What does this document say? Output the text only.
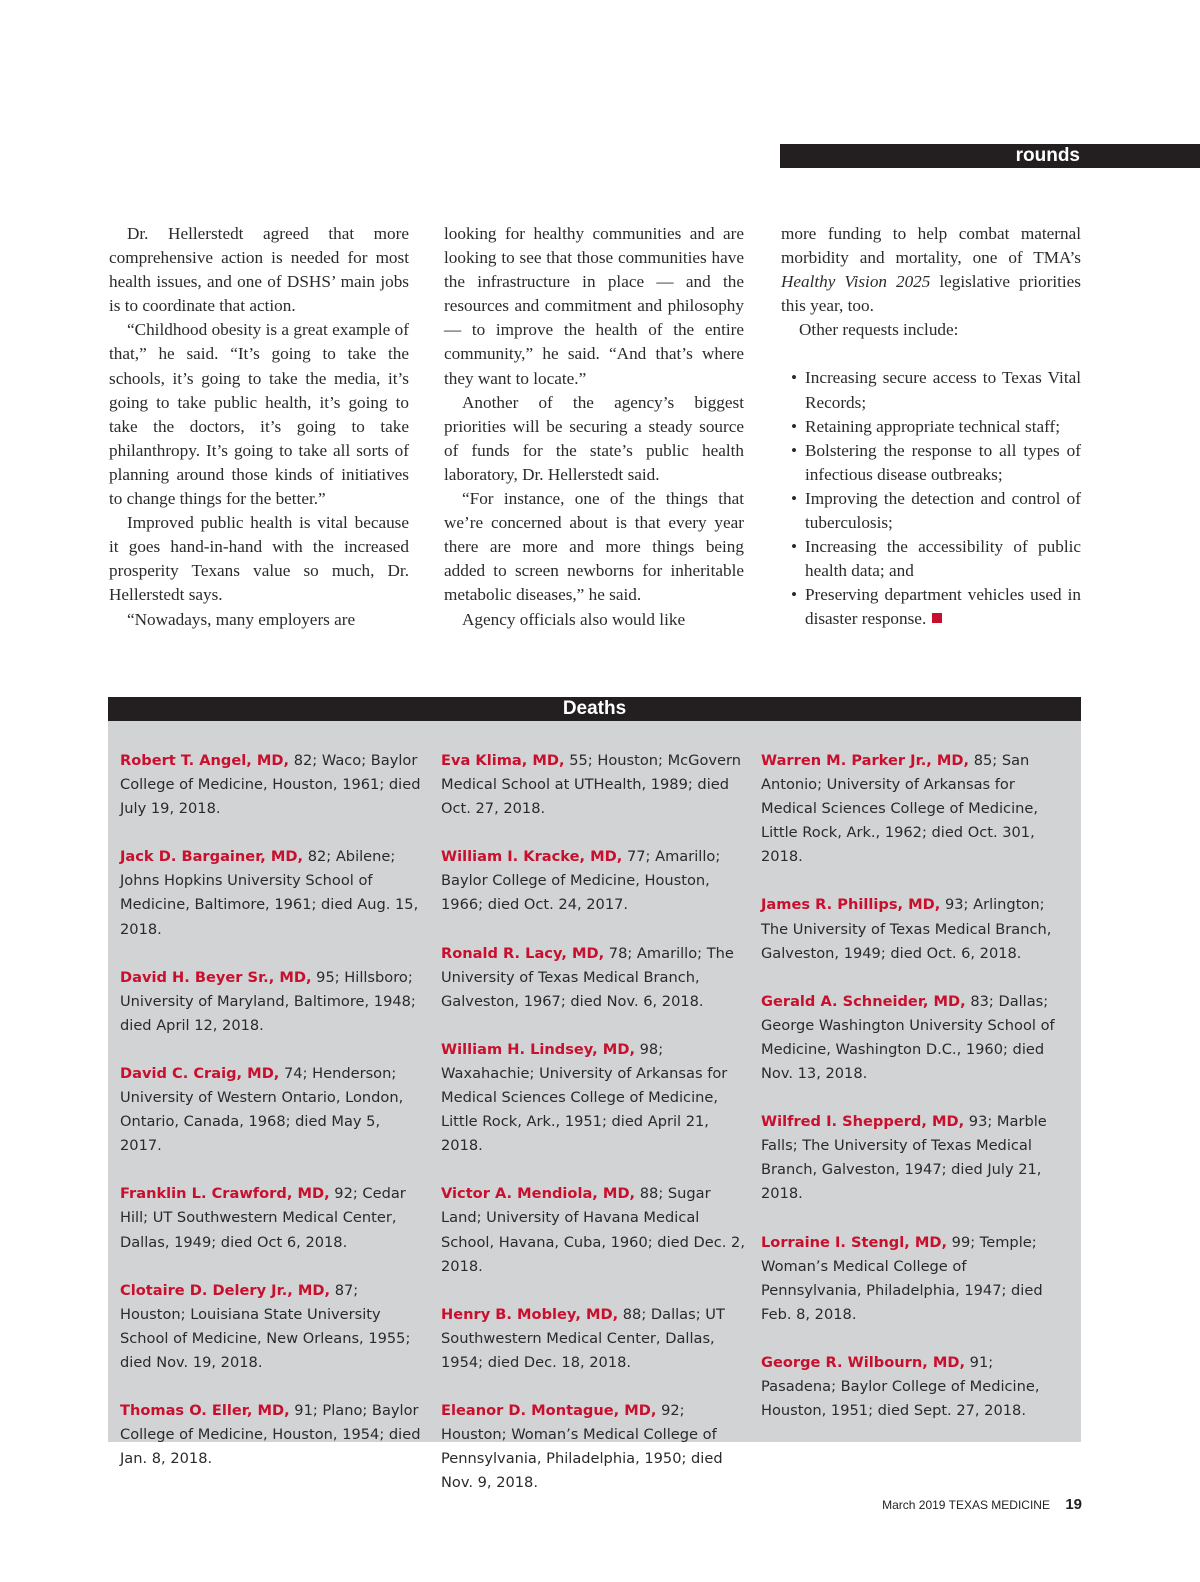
rounds

Dr. Hellerstedt agreed that more comprehensive action is needed for most health issues, and one of DSHS’ main jobs is to coordinate that action.

“Childhood obesity is a great example of that,” he said. “It’s going to take the schools, it’s going to take the media, it’s going to take public health, it’s going to take the doctors, it’s going to take philanthropy. It’s going to take all sorts of planning around those kinds of initiatives to change things for the better.”

Improved public health is vital because it goes hand-in-hand with the increased prosperity Texans value so much, Dr. Hellerstedt says.

“Nowadays, many employers are

looking for healthy communities and are looking to see that those communities have the infrastructure in place — and the resources and commitment and philosophy — to improve the health of the entire community,” he said. “And that’s where they want to locate.”

Another of the agency’s biggest priorities will be securing a steady source of funds for the state’s public health laboratory, Dr. Hellerstedt said.

“For instance, one of the things that we’re concerned about is that every year there are more and more things being added to screen newborns for inheritable metabolic diseases,” he said.

Agency officials also would like

more funding to help combat maternal morbidity and mortality, one of TMA’s Healthy Vision 2025 legislative priorities this year, too.

Other requests include:

• Increasing secure access to Texas Vital Records;
• Retaining appropriate technical staff;
• Bolstering the response to all types of infectious disease outbreaks;
• Improving the detection and control of tuberculosis;
• Increasing the accessibility of public health data; and
• Preserving department vehicles used in disaster response.
Deaths

Robert T. Angel, MD, 82; Waco; Baylor College of Medicine, Houston, 1961; died July 19, 2018.

Jack D. Bargainer, MD, 82; Abilene; Johns Hopkins University School of Medicine, Baltimore, 1961; died Aug. 15, 2018.

David H. Beyer Sr., MD, 95; Hillsboro; University of Maryland, Baltimore, 1948; died April 12, 2018.

David C. Craig, MD, 74; Henderson; University of Western Ontario, London, Ontario, Canada, 1968; died May 5, 2017.

Franklin L. Crawford, MD, 92; Cedar Hill; UT Southwestern Medical Center, Dallas, 1949; died Oct 6, 2018.

Clotaire D. Delery Jr., MD, 87; Houston; Louisiana State University School of Medicine, New Orleans, 1955; died Nov. 19, 2018.

Thomas O. Eller, MD, 91; Plano; Baylor College of Medicine, Houston, 1954; died Jan. 8, 2018.

Eva Klima, MD, 55; Houston; McGovern Medical School at UTHealth, 1989; died Oct. 27, 2018.

William I. Kracke, MD, 77; Amarillo; Baylor College of Medicine, Houston, 1966; died Oct. 24, 2017.

Ronald R. Lacy, MD, 78; Amarillo; The University of Texas Medical Branch, Galveston, 1967; died Nov. 6, 2018.

William H. Lindsey, MD, 98; Waxahachie; University of Arkansas for Medical Sciences College of Medicine, Little Rock, Ark., 1951; died April 21, 2018.

Victor A. Mendiola, MD, 88; Sugar Land; University of Havana Medical School, Havana, Cuba, 1960; died Dec. 2, 2018.

Henry B. Mobley, MD, 88; Dallas; UT Southwestern Medical Center, Dallas, 1954; died Dec. 18, 2018.

Eleanor D. Montague, MD, 92; Houston; Woman’s Medical College of Pennsylvania, Philadelphia, 1950; died Nov. 9, 2018.

Warren M. Parker Jr., MD, 85; San Antonio; University of Arkansas for Medical Sciences College of Medicine, Little Rock, Ark., 1962; died Oct. 301, 2018.

James R. Phillips, MD, 93; Arlington; The University of Texas Medical Branch, Galveston, 1949; died Oct. 6, 2018.

Gerald A. Schneider, MD, 83; Dallas; George Washington University School of Medicine, Washington D.C., 1960; died Nov. 13, 2018.

Wilfred I. Shepperd, MD, 93; Marble Falls; The University of Texas Medical Branch, Galveston, 1947; died July 21, 2018.

Lorraine I. Stengl, MD, 99; Temple; Woman’s Medical College of Pennsylvania, Philadelphia, 1947; died Feb. 8, 2018.

George R. Wilbourn, MD, 91; Pasadena; Baylor College of Medicine, Houston, 1951; died Sept. 27, 2018.

March 2019 TEXAS MEDICINE 19
